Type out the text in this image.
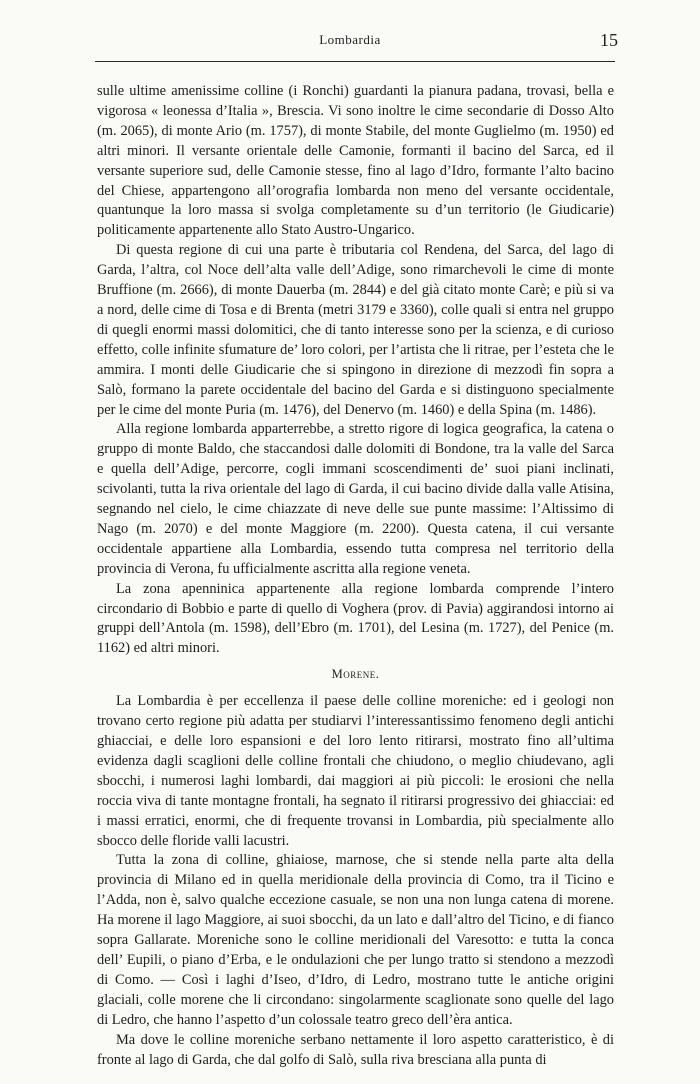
Lombardia	15

sulle ultime amenissime colline (i Ronchi) guardanti la pianura padana, trovasi, bella e vigorosa « leonessa d’Italia », Brescia. Vi sono inoltre le cime secondarie di Dosso Alto (m. 2065), di monte Ario (m. 1757), di monte Stabile, del monte Guglielmo (m. 1950) ed altri minori. Il versante orientale delle Camonie, formanti il bacino del Sarca, ed il versante superiore sud, delle Camonie stesse, fino al lago d’Idro, formante l’alto bacino del Chiese, appartengono all’orografia lombarda non meno del versante occidentale, quantunque la loro massa si svolga completamente su d’un territorio (le Giudicarie) politicamente appartenente allo Stato Austro-Ungarico.

Di questa regione di cui una parte è tributaria col Rendena, del Sarca, del lago di Garda, l’altra, col Noce dell’alta valle dell’Adige, sono rimarchevoli le cime di monte Bruffione (m. 2666), di monte Dauerba (m. 2844) e del già citato monte Carè; e più si va a nord, delle cime di Tosa e di Brenta (metri 3179 e 3360), colle quali si entra nel gruppo di quegli enormi massi dolomitici, che di tanto interesse sono per la scienza, e di curioso effetto, colle infinite sfumature de’ loro colori, per l’artista che li ritrae, per l’esteta che le ammira. I monti delle Giudicarie che si spingono in direzione di mezzodì fin sopra a Salò, formano la parete occidentale del bacino del Garda e si distinguono specialmente per le cime del monte Puria (m. 1476), del Denervo (m. 1460) e della Spina (m. 1486).

Alla regione lombarda apparterrebbe, a stretto rigore di logica geografica, la catena o gruppo di monte Baldo, che staccandosi dalle dolomiti di Bondone, tra la valle del Sarca e quella dell’Adige, percorre, cogli immani scoscendimenti de’ suoi piani inclinati, scivolanti, tutta la riva orientale del lago di Garda, il cui bacino divide dalla valle Atisina, segnando nel cielo, le cime chiazzate di neve delle sue punte massime: l’Altissimo di Nago (m. 2070) e del monte Maggiore (m. 2200). Questa catena, il cui versante occidentale appartiene alla Lombardia, essendo tutta compresa nel territorio della provincia di Verona, fu ufficialmente ascritta alla regione veneta.

La zona apenninica appartenente alla regione lombarda comprende l’intero circondario di Bobbio e parte di quello di Voghera (prov. di Pavia) aggirandosi intorno ai gruppi dell’Antola (m. 1598), dell’Ebro (m. 1701), del Lesina (m. 1727), del Penice (m. 1162) ed altri minori.

Morene.

La Lombardia è per eccellenza il paese delle colline moreniche: ed i geologi non trovano certo regione più adatta per studiarvi l’interessantissimo fenomeno degli antichi ghiacciai, e delle loro espansioni e del loro lento ritirarsi, mostrato fino all’ultima evidenza dagli scaglioni delle colline frontali che chiudono, o meglio chiudevano, agli sbocchi, i numerosi laghi lombardi, dai maggiori ai più piccoli: le erosioni che nella roccia viva di tante montagne frontali, ha segnato il ritirarsi progressivo dei ghiacciai: ed i massi erratici, enormi, che di frequente trovansi in Lombardia, più specialmente allo sbocco delle floride valli lacustri.

Tutta la zona di colline, ghiaiose, marnose, che si stende nella parte alta della provincia di Milano ed in quella meridionale della provincia di Como, tra il Ticino e l’Adda, non è, salvo qualche eccezione casuale, se non una non lunga catena di morene. Ha morene il lago Maggiore, ai suoi sbocchi, da un lato e dall’altro del Ticino, e di fianco sopra Gallarate. Moreniche sono le colline meridionali del Varesotto: e tutta la conca dell’ Eupili, o piano d’Erba, e le ondulazioni che per lungo tratto si stendono a mezzodì di Como. — Così i laghi d’Iseo, d’Idro, di Ledro, mostrano tutte le antiche origini glaciali, colle morene che li circondano: singolarmente scaglionate sono quelle del lago di Ledro, che hanno l’aspetto d’un colossale teatro greco dell’èra antica.

Ma dove le colline moreniche serbano nettamente il loro aspetto caratteristico, è di fronte al lago di Garda, che dal golfo di Salò, sulla riva bresciana alla punta di
